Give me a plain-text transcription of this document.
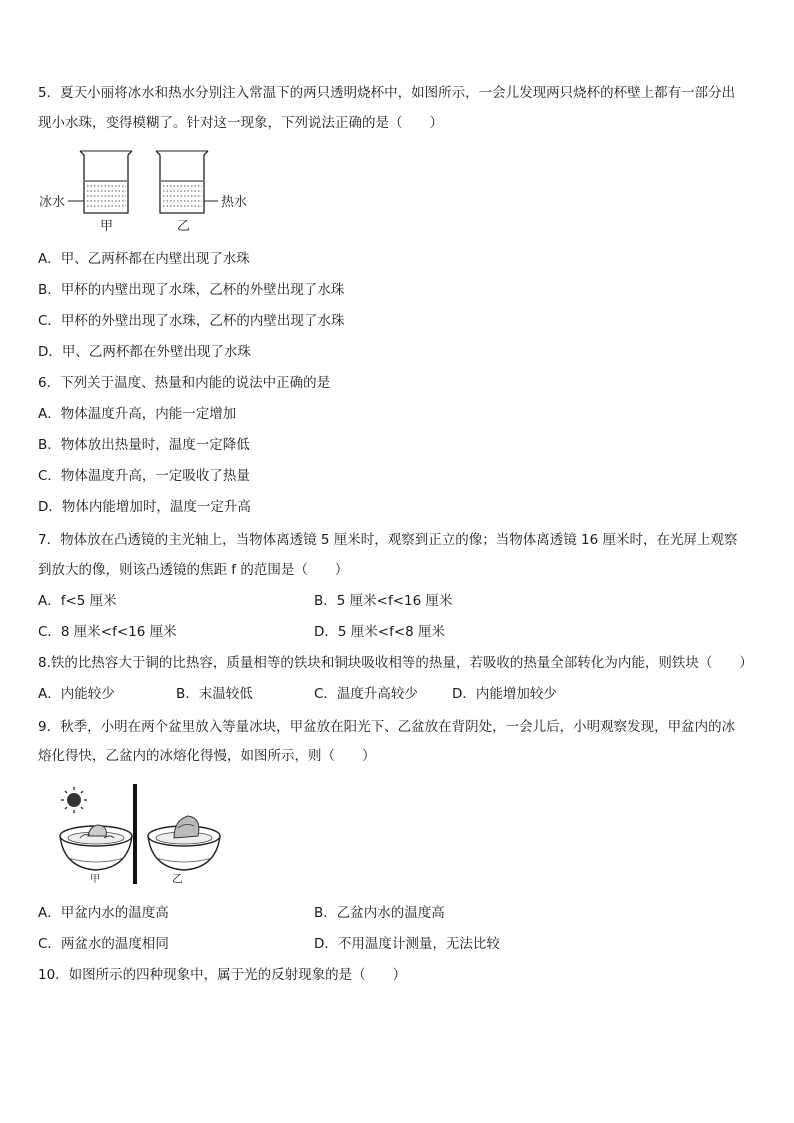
5．夏天小丽将冰水和热水分别注入常温下的两只透明烧杯中，如图所示，一会儿发现两只烧杯的杯壁上都有一部分出
现小水珠，变得模糊了。针对这一现象，下列说法正确的是（　　）
冰水	热水
甲	乙
A．甲、乙两杯都在内壁出现了水珠
B．甲杯的内壁出现了水珠，乙杯的外壁出现了水珠
C．甲杯的外壁出现了水珠，乙杯的内壁出现了水珠
D．甲、乙两杯都在外壁出现了水珠
6．下列关于温度、热量和内能的说法中正确的是
A．物体温度升高，内能一定增加
B．物体放出热量时，温度一定降低
C．物体温度升高，一定吸收了热量
D．物体内能增加时，温度一定升高
7．物体放在凸透镜的主光轴上，当物体离透镜 5 厘米时，观察到正立的像；当物体离透镜 16 厘米时，在光屏上观察
到放大的像，则该凸透镜的焦距 f 的范围是（　　）
A．f<5 厘米	B．5 厘米<f<16 厘米
C．8 厘米<f<16 厘米	D．5 厘米<f<8 厘米
8.铁的比热容大于铜的比热容，质量相等的铁块和铜块吸收相等的热量，若吸收的热量全部转化为内能，则铁块（　　）
A．内能较少	B．末温较低	C．温度升高较少	D．内能增加较少
9．秋季，小明在两个盆里放入等量冰块，甲盆放在阳光下、乙盆放在背阴处，一会儿后，小明观察发现，甲盆内的冰
熔化得快，乙盆内的冰熔化得慢，如图所示，则（　　）
甲	乙
A．甲盆内水的温度高	B．乙盆内水的温度高
C．两盆水的温度相同	D．不用温度计测量，无法比较
10．如图所示的四种现象中，属于光的反射现象的是（　　）
